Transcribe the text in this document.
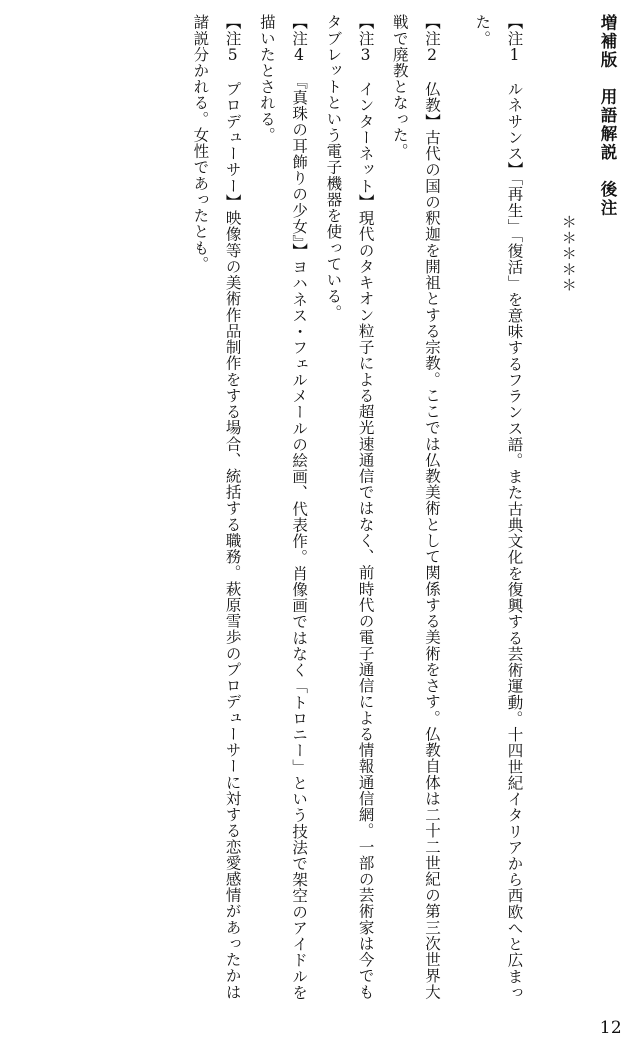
増補版　用語解説　後注
＊＊＊＊＊
【注1　ルネサンス】「再生」「復活」を意味するフランス語。また古典文化を復興する芸術運動。十四世紀イタリアから西欧へと広まった。
【注2　仏教】古代の国の釈迦を開祖とする宗教。ここでは仏教美術として関係する美術をさす。仏教自体は二十二世紀の第三次世界大戦で廃教となった。
【注3　インターネット】現代のタキオン粒子による超光速通信ではなく、前時代の電子通信による情報通信網。一部の芸術家は今でもタブレットという電子機器を使っている。
【注4　『真珠の耳飾りの少女』】ヨハネス・フェルメールの絵画、代表作。肖像画ではなく「トロニー」という技法で架空のアイドルを描いたとされる。
【注5　プロデューサー】映像等の美術作品制作をする場合、統括する職務。萩原雪歩のプロデューサーに対する恋愛感情があったかは諸説分かれる。女性であったとも。
12
